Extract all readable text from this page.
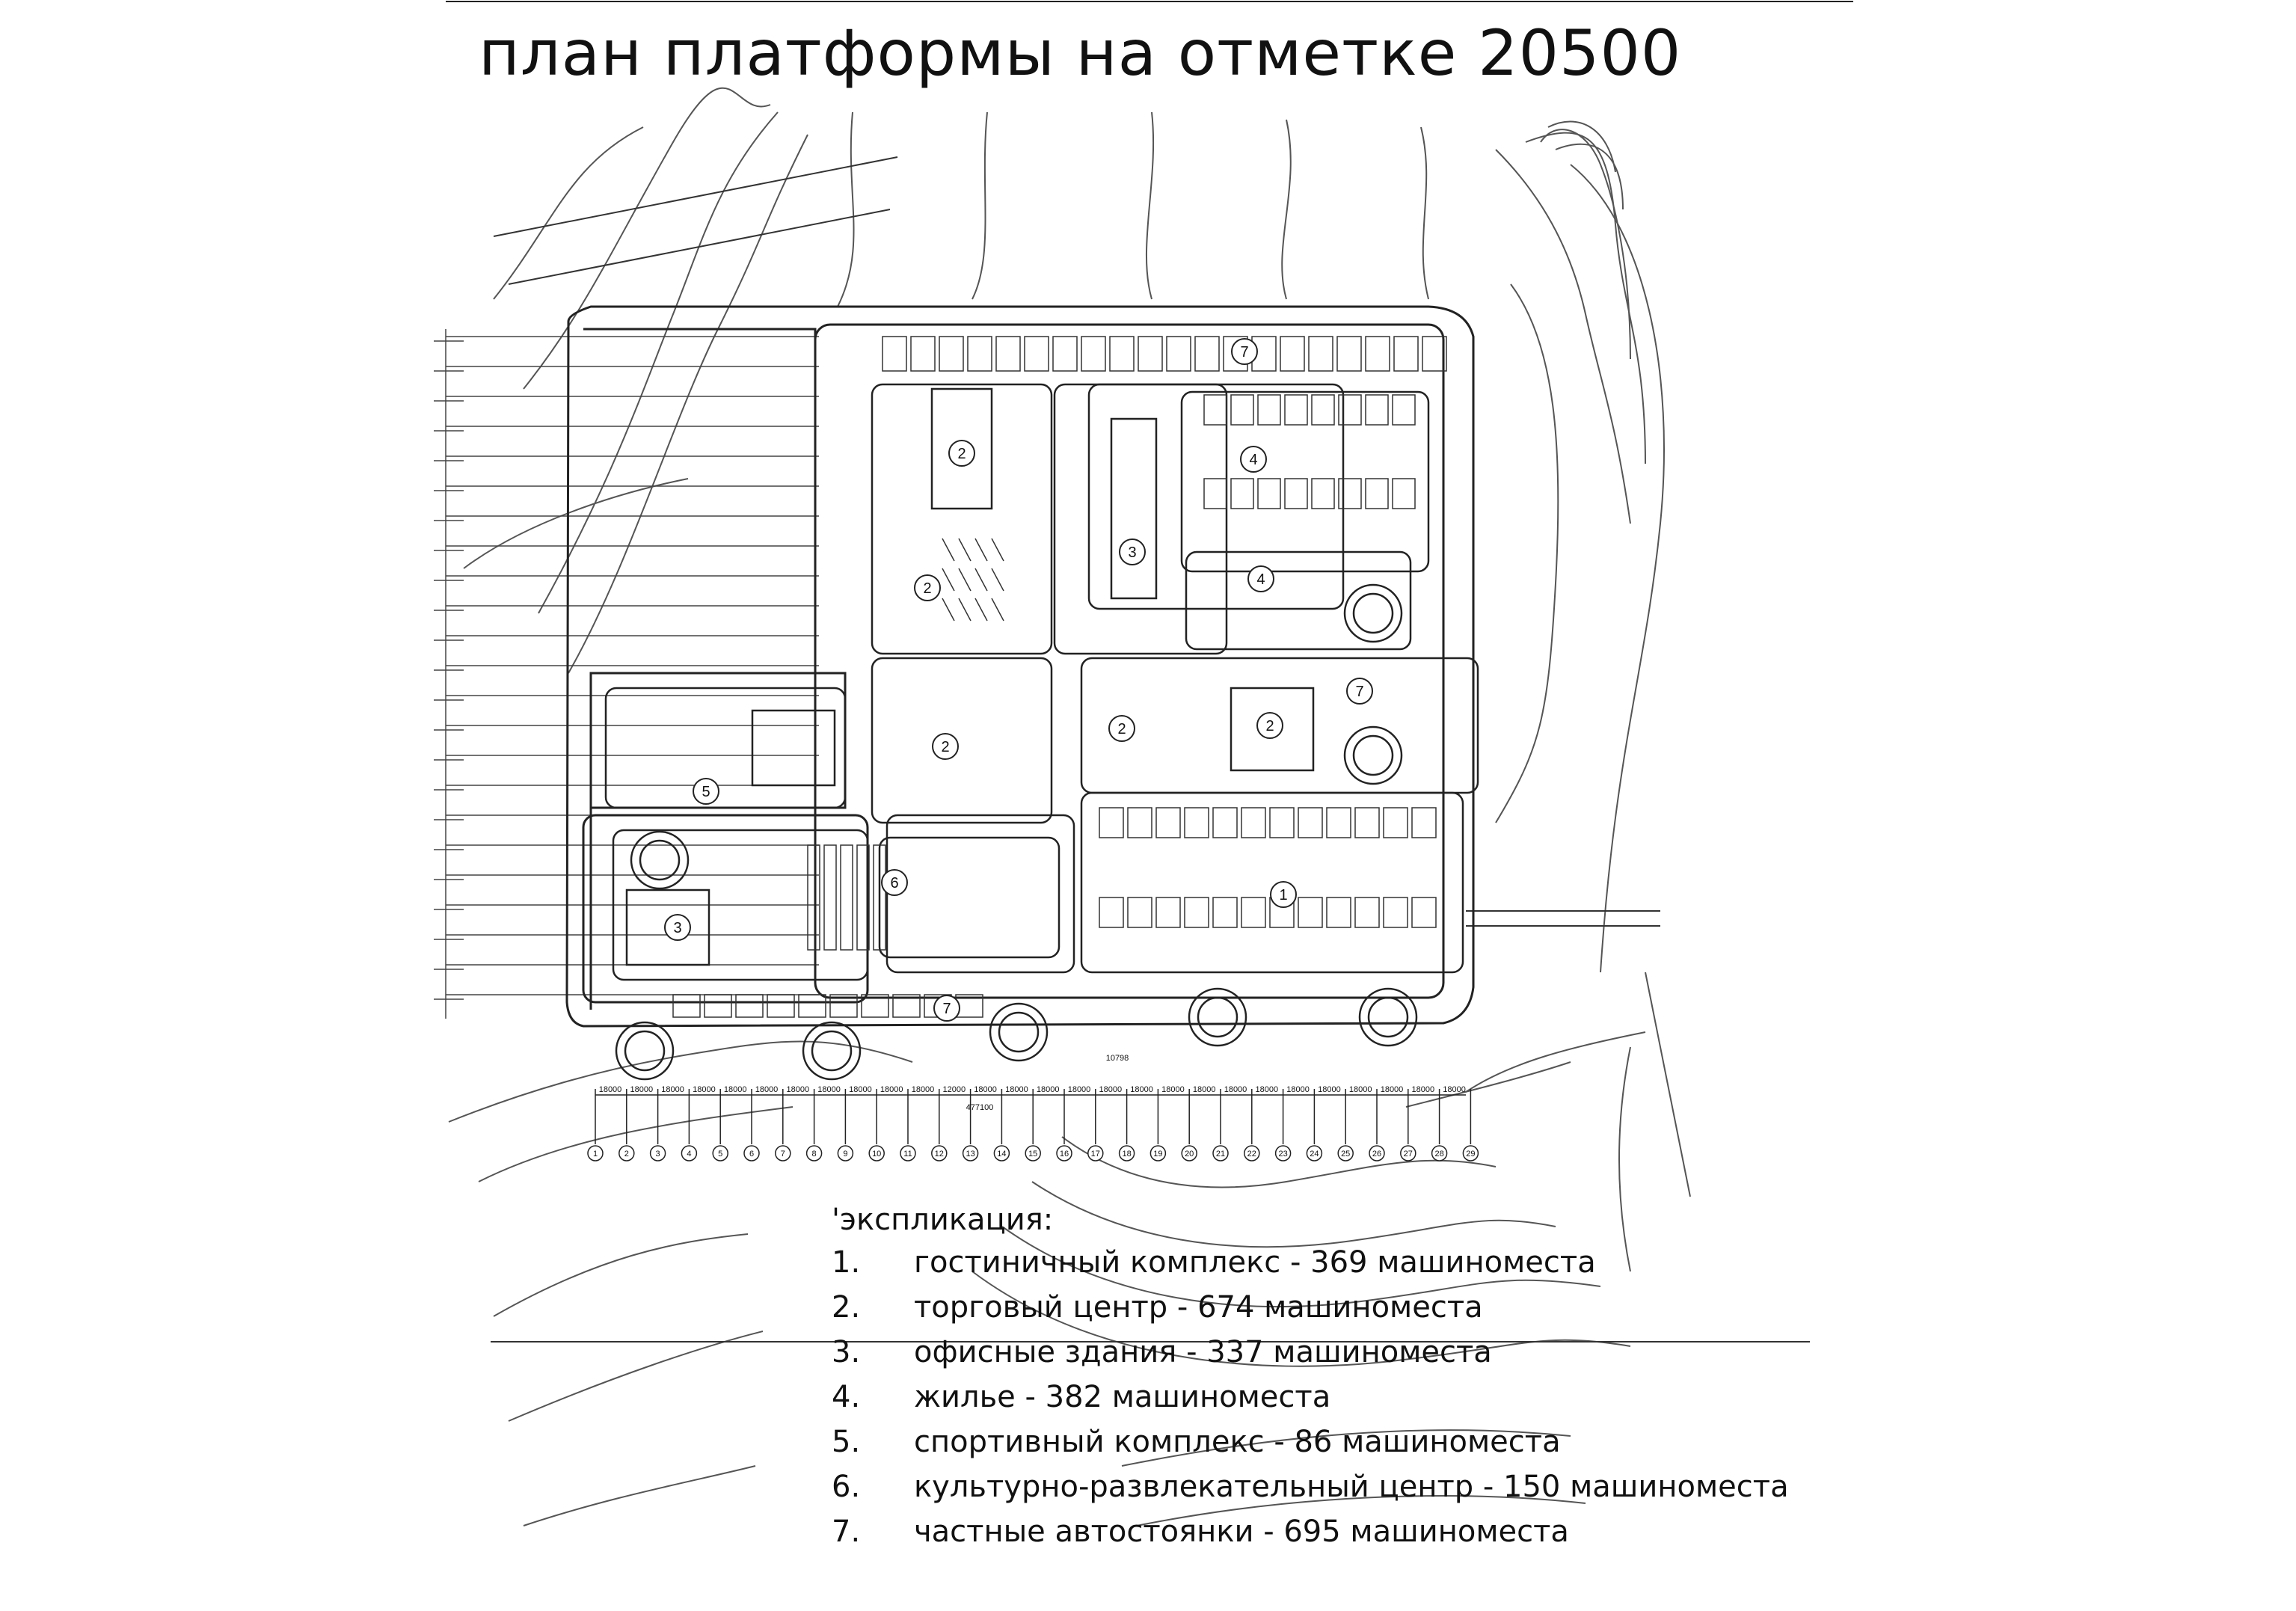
1
2
2
2
2	2
3
3
4
4
5
6
7
7
7
18000 18000 18000 18000 18000 18000 18000 18000 18000 18000 18000 12000 18000 18000 18000 18000 18000 18000 18000 18000 18000 18000 18000 18000 18000 18000 18000 18000
10798
477100
1	2	3	4	5	6	7	8	9	10	11	12	13	14	15	16	17	18	19	20	21	22	23	24	25	26	27	28	29
план платформы на отметке 20500
'экспликация:
1.	гостиничный комплекс - 369 машиноместа
2.	торговый центр - 674 машиноместа
3.	офисные здания - 337 машиноместа
4.	жилье - 382 машиноместа
5.	спортивный комплекс - 86 машиноместа
6.	культурно-развлекательный центр - 150 машиноместа
7.	частные автостоянки - 695 машиноместа
